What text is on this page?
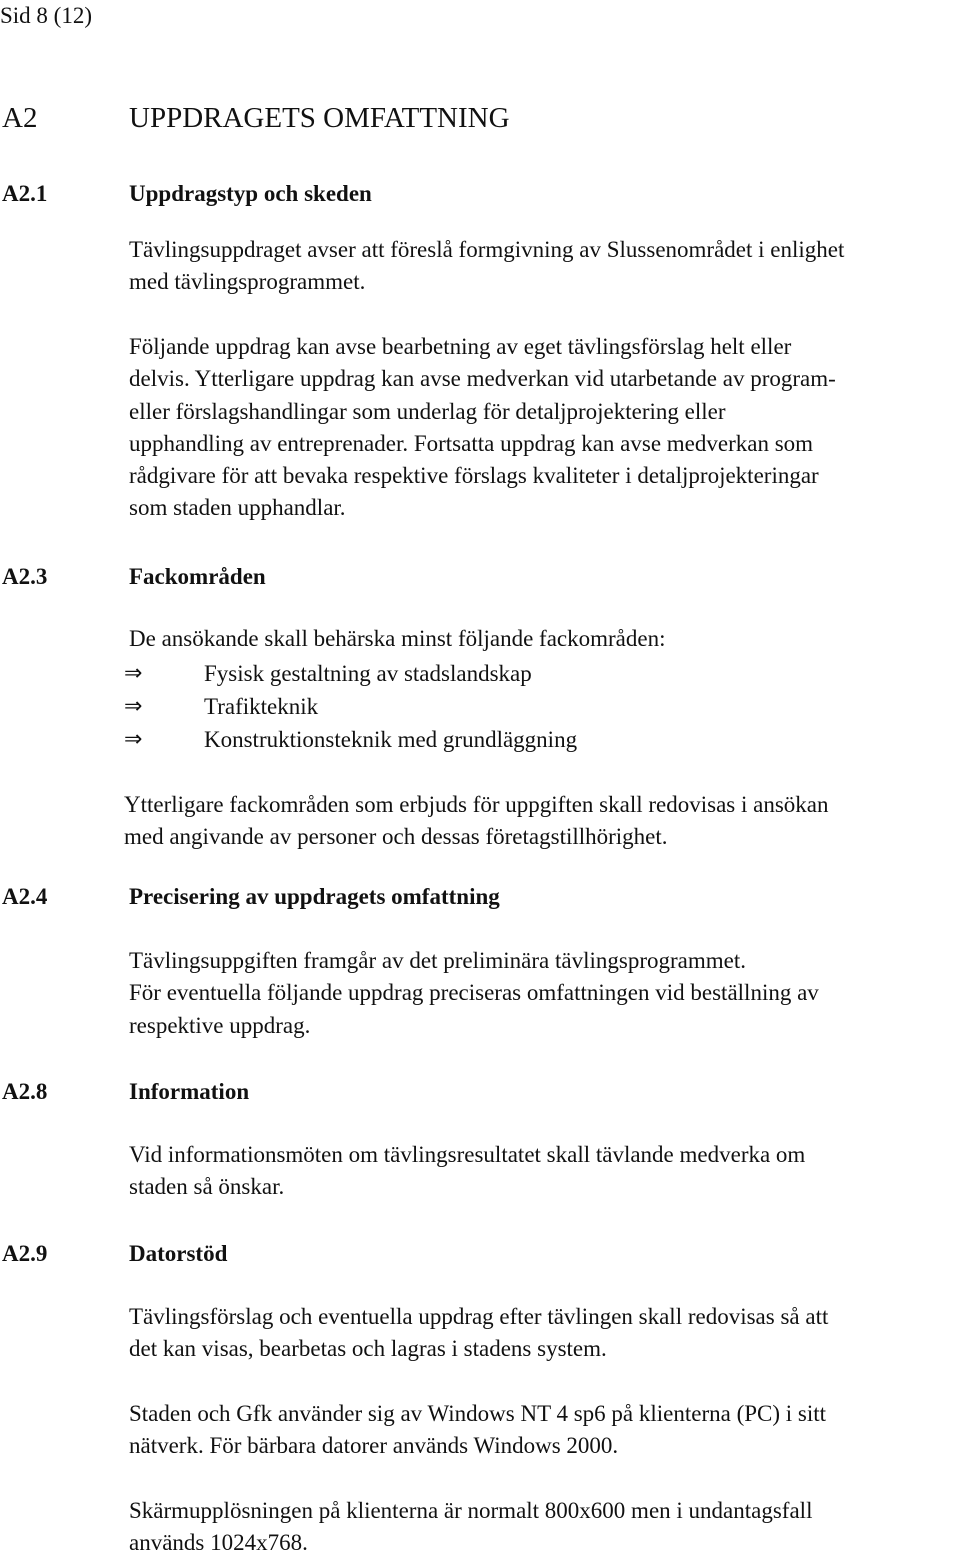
Sid 8 (12)
A2	UPPDRAGETS OMFATTNING
A2.1	Uppdragstyp och skeden
Tävlingsuppdraget avser att föreslå formgivning av Slussenområdet i enlighet
med tävlingsprogrammet.
Följande uppdrag kan avse bearbetning av eget tävlingsförslag helt eller
delvis. Ytterligare uppdrag kan avse medverkan vid utarbetande av program-
eller förslagshandlingar som underlag för detaljprojektering eller
upphandling av entreprenader. Fortsatta uppdrag kan avse medverkan som
rådgivare för att bevaka respektive förslags kvaliteter i detaljprojekteringar
som staden upphandlar.
A2.3	Fackområden
De ansökande skall behärska minst följande fackområden:
⇒	Fysisk gestaltning av stadslandskap
⇒	Trafikteknik
⇒	Konstruktionsteknik med grundläggning
Ytterligare fackområden som erbjuds för uppgiften skall redovisas i ansökan
med angivande av personer och dessas företagstillhörighet.
A2.4	Precisering av uppdragets omfattning
Tävlingsuppgiften framgår av det preliminära tävlingsprogrammet.
För eventuella följande uppdrag preciseras omfattningen vid beställning av
respektive uppdrag.
A2.8	Information
Vid informationsmöten om tävlingsresultatet skall tävlande medverka om
staden så önskar.
A2.9	Datorstöd
Tävlingsförslag och eventuella uppdrag efter tävlingen skall redovisas så att
det kan visas, bearbetas och lagras i stadens system.
Staden och Gfk använder sig av Windows NT 4 sp6 på klienterna (PC) i sitt
nätverk. För bärbara datorer används Windows 2000.
Skärmupplösningen på klienterna är normalt 800x600 men i undantagsfall
används 1024x768.
